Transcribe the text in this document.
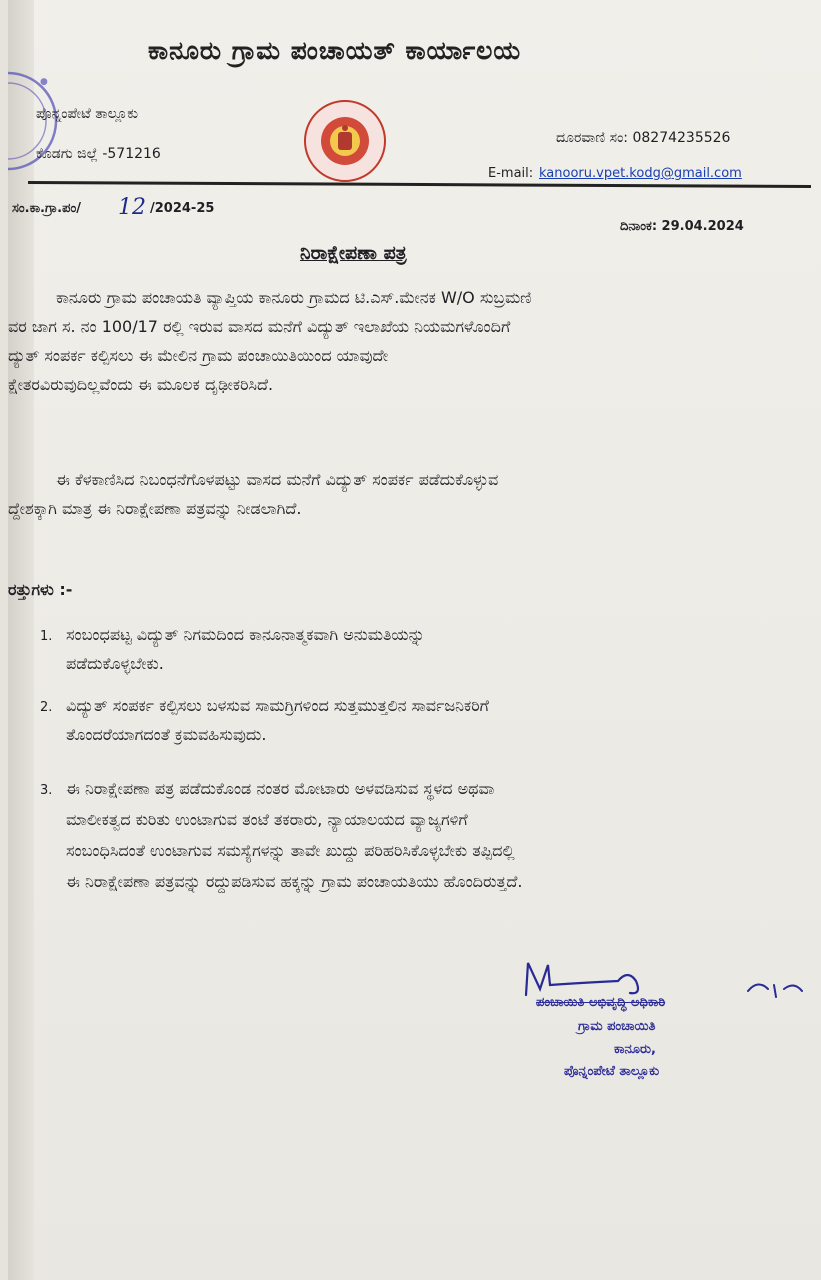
●
ಕಾನೂರು ಗ್ರಾಮ ಪಂಚಾಯತ್ ಕಾರ್ಯಾಲಯ
ಪೊನ್ನಂಪೇಟೆ ತಾಲ್ಲೂಕು
ಕೊಡಗು ಜಿಲ್ಲೆ -571216
ದೂರವಾಣಿ ಸಂ: 08274235526
E-mail: kanooru.vpet.kodg@gmail.com
ಸಂ.ಕಾ.ಗ್ರಾ.ಪಂ/ 12 /2024-25
ದಿನಾಂಕ: 29.04.2024
ನಿರಾಕ್ಷೇಪಣಾ ಪತ್ರ
ಕಾನೂರು ಗ್ರಾಮ ಪಂಚಾಯತಿ ವ್ಯಾಪ್ತಿಯ ಕಾನೂರು ಗ್ರಾಮದ ಟಿ.ಎಸ್.ಮೇನಕ W/O ಸುಬ್ರಮಣಿ
ವರ ಜಾಗ ಸ. ನಂ 100/17 ರಲ್ಲಿ ಇರುವ ವಾಸದ ಮನೆಗೆ ವಿದ್ಯುತ್ ಇಲಾಖೆಯ ನಿಯಮಗಳೊಂದಿಗೆ
ದ್ಯುತ್ ಸಂಪರ್ಕ ಕಲ್ಪಿಸಲು ಈ ಮೇಲಿನ ಗ್ರಾಮ ಪಂಚಾಯಿತಿಯಿಂದ ಯಾವುದೇ
ಕ್ಷೇತರವಿರುವುದಿಲ್ಲವೆಂದು ಈ ಮೂಲಕ ದೃಢೀಕರಿಸಿದೆ.
ಈ ಕೆಳಕಾಣಿಸಿದ ನಿಬಂಧನೆಗೊಳಪಟ್ಟು ವಾಸದ ಮನೆಗೆ ವಿದ್ಯುತ್ ಸಂಪರ್ಕ ಪಡೆದುಕೊಳ್ಳುವ
ದ್ದೇಶಕ್ಕಾಗಿ ಮಾತ್ರ ಈ ನಿರಾಕ್ಷೇಪಣಾ ಪತ್ರವನ್ನು ನೀಡಲಾಗಿದೆ.
ರತ್ತುಗಳು :-
1. ಸಂಬಂಧಪಟ್ಟ ವಿದ್ಯುತ್ ನಿಗಮದಿಂದ ಕಾನೂನಾತ್ಮಕವಾಗಿ ಅನುಮತಿಯನ್ನು
ಪಡೆದುಕೊಳ್ಳಬೇಕು.
2. ವಿದ್ಯುತ್ ಸಂಪರ್ಕ ಕಲ್ಪಿಸಲು ಬಳಸುವ ಸಾಮಗ್ರಿಗಳಿಂದ ಸುತ್ತಮುತ್ತಲಿನ ಸಾರ್ವಜನಿಕರಿಗೆ
ತೊಂದರೆಯಾಗದಂತೆ ಕ್ರಮವಹಿಸುವುದು.
3. ಈ ನಿರಾಕ್ಷೇಪಣಾ ಪತ್ರ ಪಡೆದುಕೊಂಡ ನಂತರ ಮೋಟಾರು ಅಳವಡಿಸುವ ಸ್ಥಳದ ಅಥವಾ
ಮಾಲೀಕತ್ವದ ಕುರಿತು ಉಂಟಾಗುವ ತಂಟೆ ತಕರಾರು, ನ್ಯಾಯಾಲಯದ ವ್ಯಾಜ್ಯಗಳಿಗೆ
ಸಂಬಂಧಿಸಿದಂತೆ ಉಂಟಾಗುವ ಸಮಸ್ಯೆಗಳನ್ನು ತಾವೇ ಖುದ್ದು ಪರಿಹರಿಸಿಕೊಳ್ಳಬೇಕು ತಪ್ಪಿದಲ್ಲಿ
ಈ ನಿರಾಕ್ಷೇಪಣಾ ಪತ್ರವನ್ನು ರದ್ದುಪಡಿಸುವ ಹಕ್ಕನ್ನು ಗ್ರಾಮ ಪಂಚಾಯತಿಯು ಹೊಂದಿರುತ್ತದೆ.
ಪಂಚಾಯಿತಿ ಅಭಿವೃದ್ಧಿ ಅಧಿಕಾರಿ
ಗ್ರಾಮ ಪಂಚಾಯಿತಿ
ಕಾನೂರು,
ಪೊನ್ನಂಪೇಟೆ ತಾಲ್ಲೂಕು
